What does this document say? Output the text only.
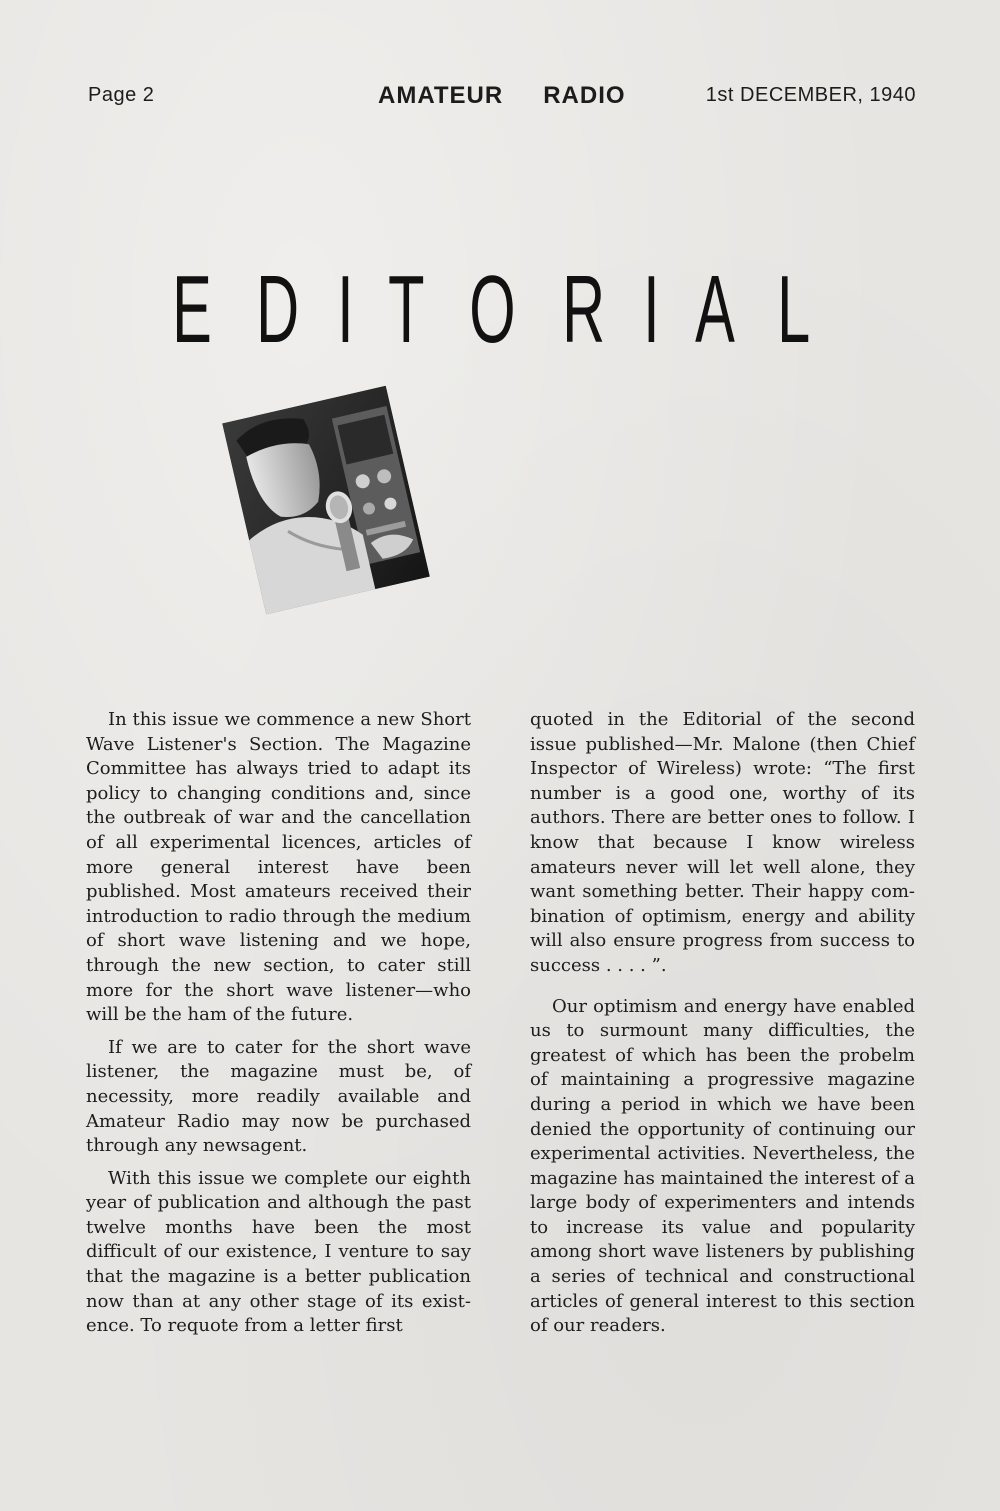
Page 2	AMATEUR RADIO	1st DECEMBER, 1940
E D I T O R I A L

In this issue we commence a new Short Wave Listener's Section. The Magazine Committee has always tried to adapt its policy to changing conditions and, since the outbreak of war and the cancellation of all experimental licences, articles of more general interest have been published. Most amateurs received their introduction to radio through the medium of short wave listening and we hope, through the new section, to cater still more for the short wave listener—who will be the ham of the future.

If we are to cater for the short wave listener, the magazine must be, of necessity, more readily available and Amateur Radio may now be purchased through any newsagent.

With this issue we complete our eighth year of publication and although the past twelve months have been the most difficult of our existence, I venture to say that the magazine is a better publication now than at any other stage of its existence. To requote from a letter first

quoted in the Editorial of the second issue published—Mr. Malone (then Chief Inspector of Wireless) wrote: “The first number is a good one, worthy of its authors. There are better ones to follow. I know that because I know wireless amateurs never will let well alone, they want something better. Their happy combination of optimism, energy and ability will also ensure progress from success to success . . . . ”.

Our optimism and energy have enabled us to surmount many difficulties, the greatest of which has been the probelm of maintaining a progressive magazine during a period in which we have been denied the opportunity of continuing our experimental activities. Nevertheless, the magazine has maintained the interest of a large body of experimenters and intends to increase its value and popularity among short wave listeners by publishing a series of technical and constructional articles of general interest to this section of our readers.
